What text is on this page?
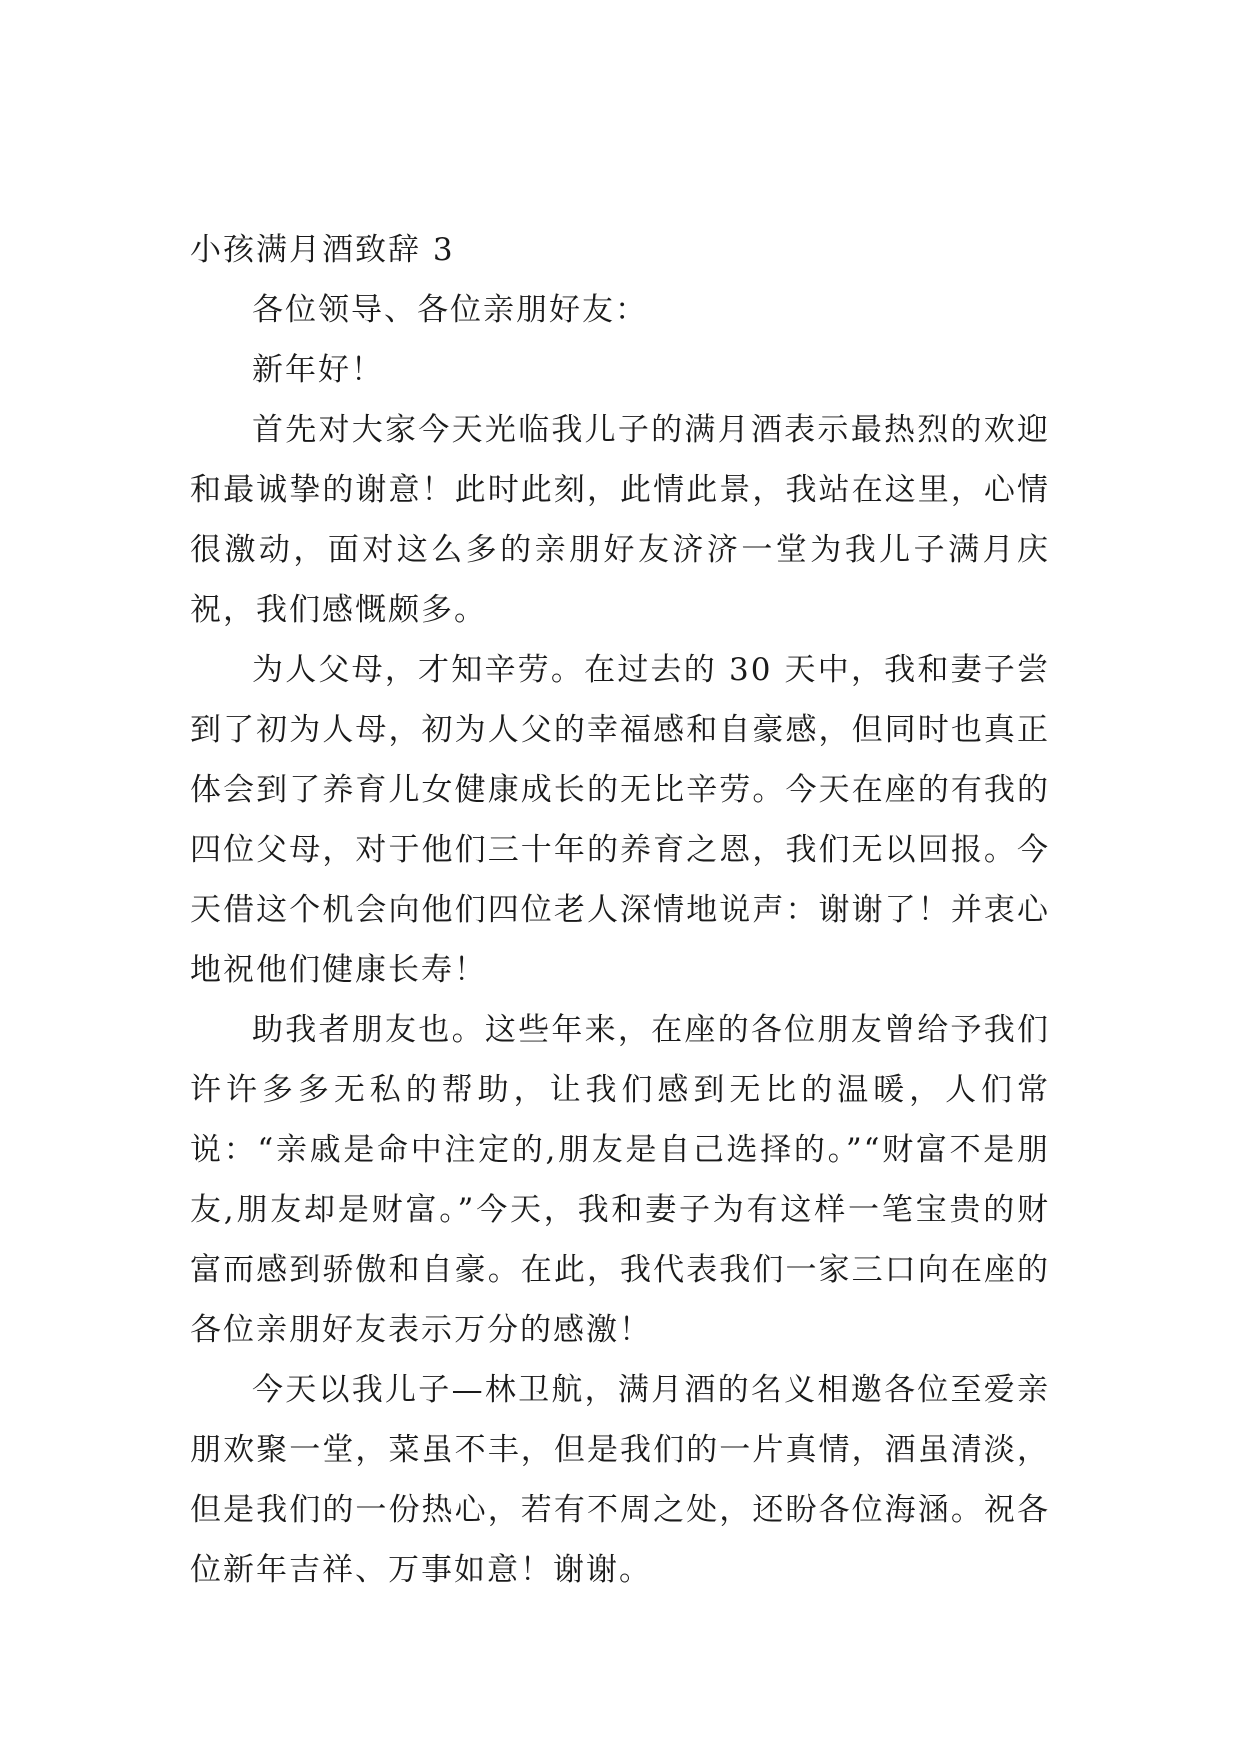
小孩满月酒致辞 3

各位领导、各位亲朋好友：

新年好！

首先对大家今天光临我儿子的满月酒表示最热烈的欢迎和最诚挚的谢意！此时此刻，此情此景，我站在这里，心情很激动，面对这么多的亲朋好友济济一堂为我儿子满月庆祝，我们感慨颇多。

为人父母，才知辛劳。在过去的 30 天中，我和妻子尝到了初为人母，初为人父的幸福感和自豪感，但同时也真正体会到了养育儿女健康成长的无比辛劳。今天在座的有我的四位父母，对于他们三十年的养育之恩，我们无以回报。今天借这个机会向他们四位老人深情地说声：谢谢了！并衷心地祝他们健康长寿！

助我者朋友也。这些年来，在座的各位朋友曾给予我们许许多多无私的帮助，让我们感到无比的温暖，人们常说：“亲戚是命中注定的,朋友是自己选择的。”“财富不是朋友,朋友却是财富。”今天，我和妻子为有这样一笔宝贵的财富而感到骄傲和自豪。在此，我代表我们一家三口向在座的各位亲朋好友表示万分的感激！

今天以我儿子—林卫航，满月酒的名义相邀各位至爱亲朋欢聚一堂，菜虽不丰，但是我们的一片真情，酒虽清淡，但是我们的一份热心，若有不周之处，还盼各位海涵。祝各位新年吉祥、万事如意！谢谢。
